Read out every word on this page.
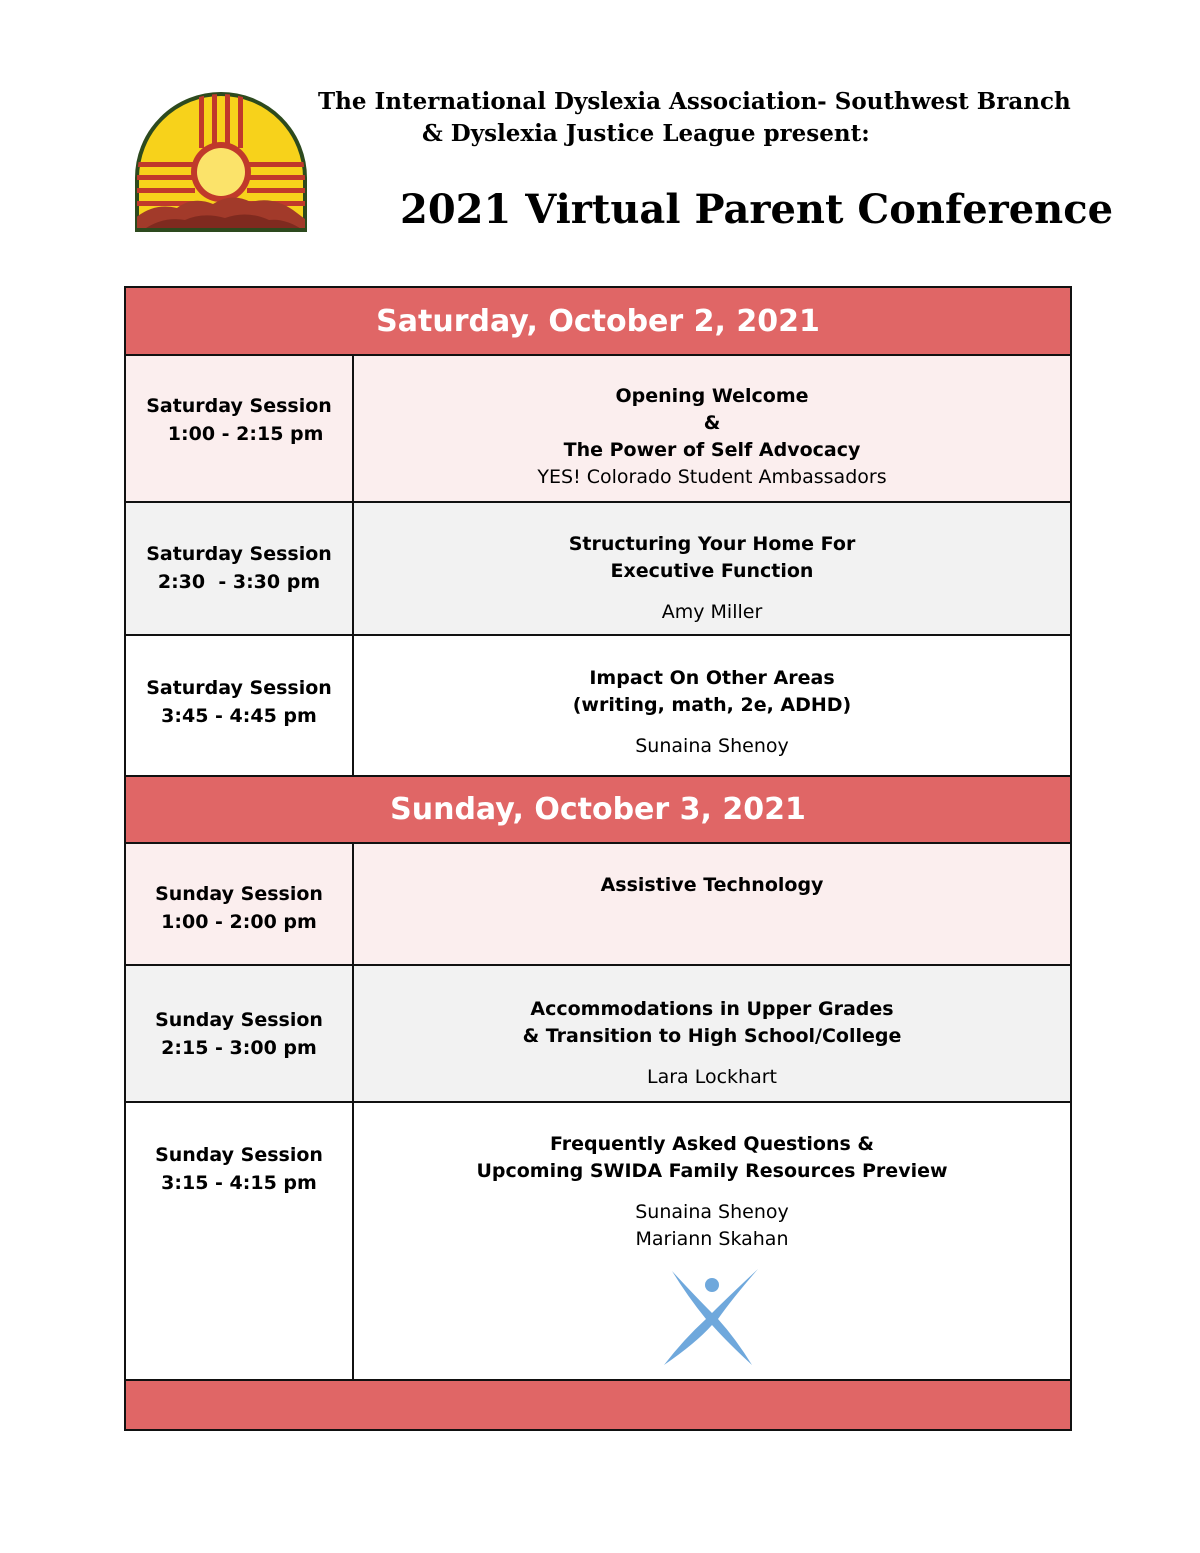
The International Dyslexia Association- Southwest Branch
& Dyslexia Justice League present:
2021 Virtual Parent Conference
Saturday, October 2, 2021
Saturday Session
1:00 - 2:15 pm
Opening Welcome
&
The Power of Self Advocacy
YES! Colorado Student Ambassadors
Saturday Session
2:30  - 3:30 pm
Structuring Your Home For
Executive Function
Amy Miller
Saturday Session
3:45 - 4:45 pm
Impact On Other Areas
(writing, math, 2e, ADHD)
Sunaina Shenoy
Sunday, October 3, 2021
Sunday Session
1:00 - 2:00 pm
Assistive Technology
Sunday Session
2:15 - 3:00 pm
Accommodations in Upper Grades
& Transition to High School/College
Lara Lockhart
Sunday Session
3:15 - 4:15 pm
Frequently Asked Questions &
Upcoming SWIDA Family Resources Preview
Sunaina Shenoy
Mariann Skahan
